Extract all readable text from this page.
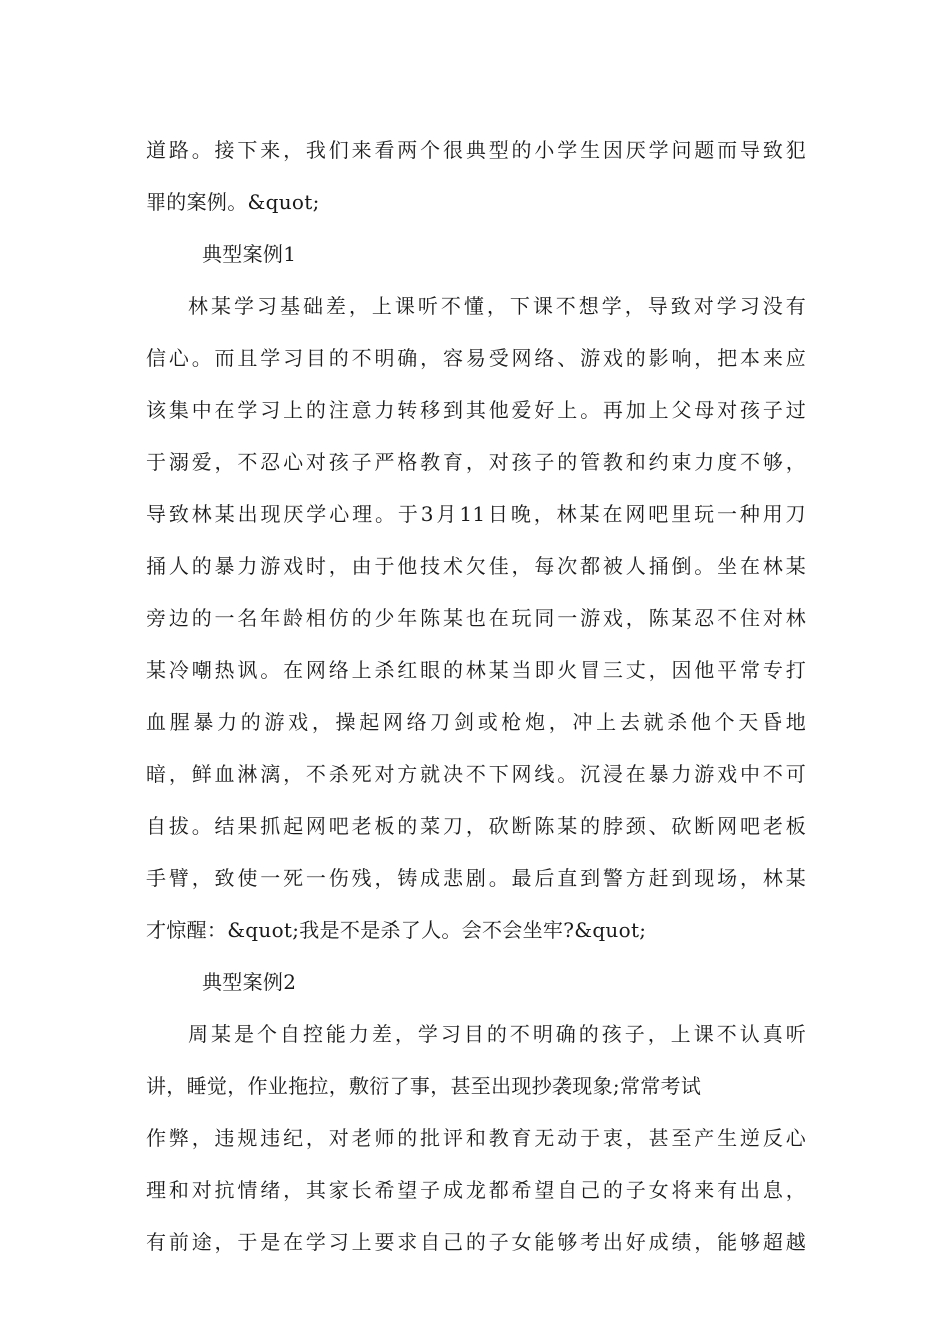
道路。接下来，我们来看两个很典型的小学生因厌学问题而导致犯
罪的案例。&quot;
典型案例1
林某学习基础差，上课听不懂，下课不想学，导致对学习没有
信心。而且学习目的不明确，容易受网络、游戏的影响，把本来应
该集中在学习上的注意力转移到其他爱好上。再加上父母对孩子过
于溺爱，不忍心对孩子严格教育，对孩子的管教和约束力度不够，
导致林某出现厌学心理。于3月11日晚，林某在网吧里玩一种用刀
捅人的暴力游戏时，由于他技术欠佳，每次都被人捅倒。坐在林某
旁边的一名年龄相仿的少年陈某也在玩同一游戏，陈某忍不住对林
某冷嘲热讽。在网络上杀红眼的林某当即火冒三丈，因他平常专打
血腥暴力的游戏，操起网络刀剑或枪炮，冲上去就杀他个天昏地
暗，鲜血淋漓，不杀死对方就决不下网线。沉浸在暴力游戏中不可
自拔。结果抓起网吧老板的菜刀，砍断陈某的脖颈、砍断网吧老板
手臂，致使一死一伤残，铸成悲剧。最后直到警方赶到现场，林某
才惊醒：&quot;我是不是杀了人。会不会坐牢?&quot;
典型案例2
周某是个自控能力差，学习目的不明确的孩子，上课不认真听
讲，睡觉，作业拖拉，敷衍了事，甚至出现抄袭现象;常常考试
作弊，违规违纪，对老师的批评和教育无动于衷，甚至产生逆反心
理和对抗情绪，其家长希望子成龙都希望自己的子女将来有出息，
有前途，于是在学习上要求自己的子女能够考出好成绩，能够超越
